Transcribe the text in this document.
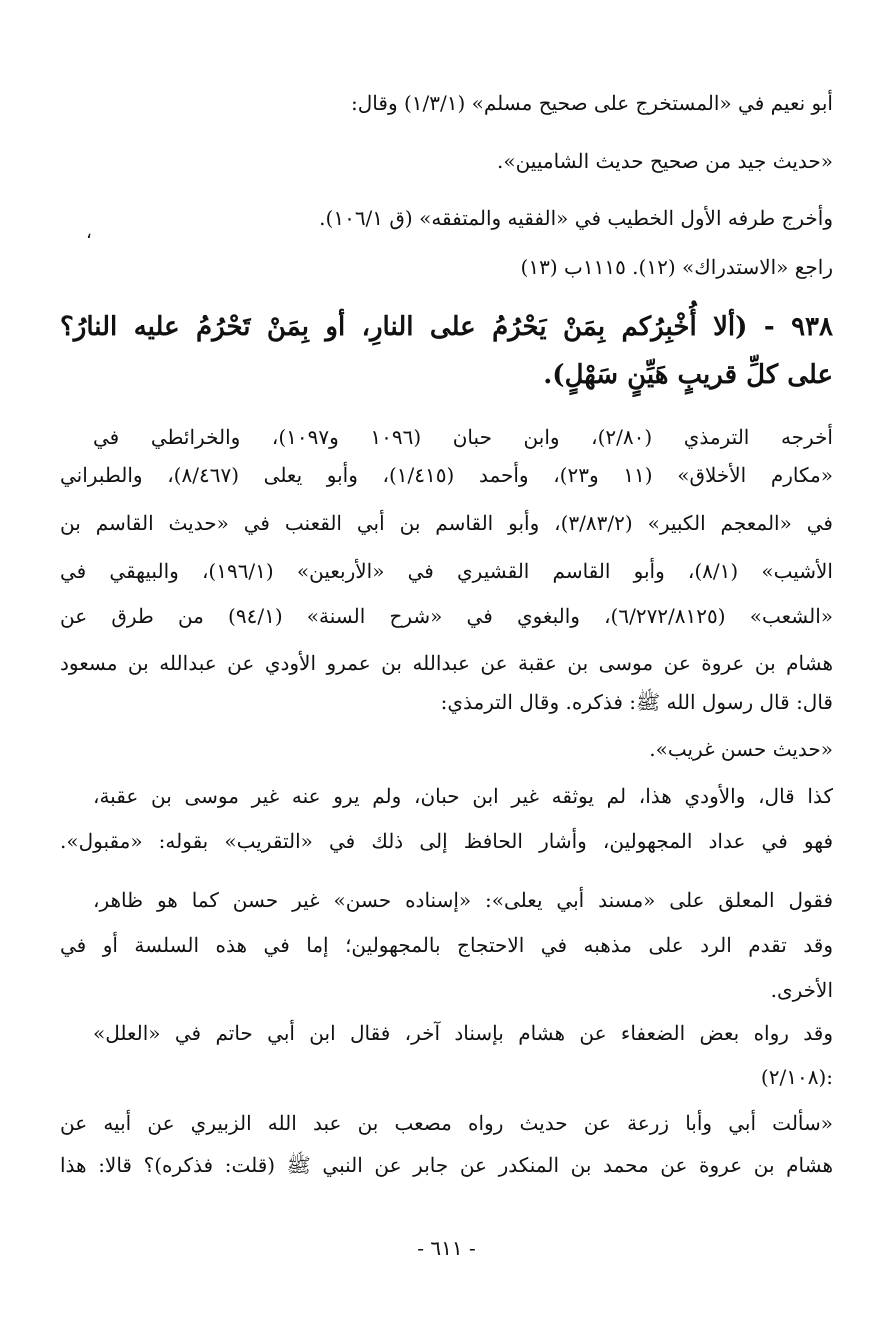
أبو نعيم في «المستخرج على صحيح مسلم» (١/٣/١) وقال:
«حديث جيد من صحيح حديث الشاميين».
وأخرج طرفه الأول الخطيب في «الفقيه والمتفقه» (ق ١٠٦/١).
راجع «الاستدراك» (١٢). ١١١٥ب (١٣)
٩٣٨ - (ألا أُخْبِرُكم بِمَنْ يَحْرُمُ على النارِ، أو بِمَنْ تَحْرُمُ عليه النارُ؟
على كلِّ قريبٍ هَيِّنٍ سَهْلٍ).
أخرجه الترمذي (٢/٨٠)، وابن حبان (١٠٩٦ و١٠٩٧)، والخرائطي في
«مكارم الأخلاق» (١١ و٢٣)، وأحمد (١/٤١٥)، وأبو يعلى (٨/٤٦٧)، والطبراني
في «المعجم الكبير» (٣/٨٣/٢)، وأبو القاسم بن أبي القعنب في «حديث القاسم بن
الأشيب» (٨/١)، وأبو القاسم القشيري في «الأربعين» (١٩٦/١)، والبيهقي في
«الشعب» (٦/٢٧٢/٨١٢٥)، والبغوي في «شرح السنة» (٩٤/١) من طرق عن
هشام بن عروة عن موسى بن عقبة عن عبدالله بن عمرو الأودي عن عبدالله بن مسعود
قال: قال رسول الله ﷺ: فذكره. وقال الترمذي:
«حديث حسن غريب».
كذا قال، والأودي هذا، لم يوثقه غير ابن حبان، ولم يرو عنه غير موسى بن عقبة،
فهو في عداد المجهولين، وأشار الحافظ إلى ذلك في «التقريب» بقوله: «مقبول».
فقول المعلق على «مسند أبي يعلى»: «إسناده حسن» غير حسن كما هو ظاهر،
وقد تقدم الرد على مذهبه في الاحتجاج بالمجهولين؛ إما في هذه السلسة أو في
الأخرى.
وقد رواه بعض الضعفاء عن هشام بإسناد آخر، فقال ابن أبي حاتم في «العلل»
(٢/١٠٨):
«سألت أبي وأبا زرعة عن حديث رواه مصعب بن عبد الله الزبيري عن أبيه عن
هشام بن عروة عن محمد بن المنكدر عن جابر عن النبي ﷺ (قلت: فذكره)؟ قالا: هذا
،
- ٦١١ -
